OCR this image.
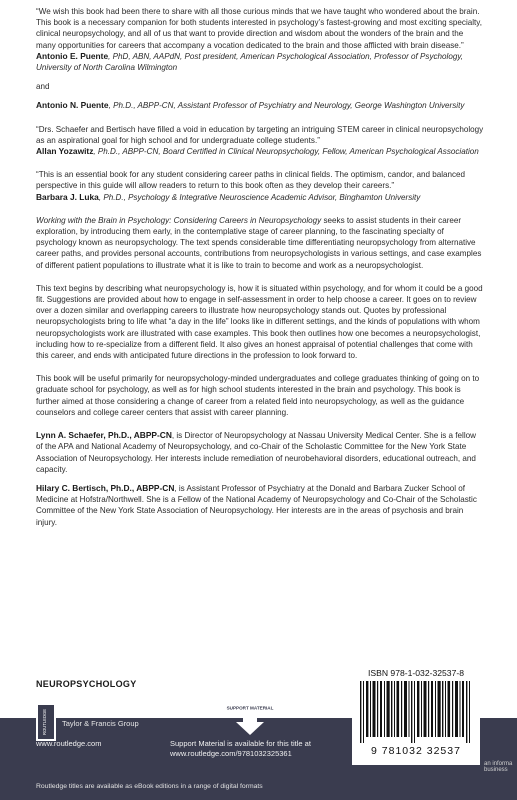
“We wish this book had been there to share with all those curious minds that we have taught who wondered about the brain. This book is a necessary companion for both students interested in psychology’s fastest-growing and most exciting specialty, clinical neuropsychology, and all of us that want to provide direction and wisdom about the wonders of the brain and the many opportunities for careers that accompany a vocation dedicated to the brain and those afflicted with brain disease.”
Antonio E. Puente, PhD, ABN, AAPdN, Post president, American Psychological Association, Professor of Psychology, University of North Carolina Wilmington
and
Antonio N. Puente, Ph.D., ABPP-CN, Assistant Professor of Psychiatry and Neurology, George Washington University
“Drs. Schaefer and Bertisch have filled a void in education by targeting an intriguing STEM career in clinical neuropsychology as an aspirational goal for high school and for undergraduate college students.”
Allan Yozawitz, Ph.D., ABPP-CN, Board Certified in Clinical Neuropsychology, Fellow, American Psychological Association
“This is an essential book for any student considering career paths in clinical fields. The optimism, candor, and balanced perspective in this guide will allow readers to return to this book often as they develop their careers.”
Barbara J. Luka, Ph.D., Psychology & Integrative Neuroscience Academic Advisor, Binghamton University
Working with the Brain in Psychology: Considering Careers in Neuropsychology seeks to assist students in their career exploration, by introducing them early, in the contemplative stage of career planning, to the fascinating specialty of psychology known as neuropsychology. The text spends considerable time differentiating neuropsychology from alternative career paths, and provides personal accounts, contributions from neuropsychologists in various settings, and case examples of different patient populations to illustrate what it is like to train to become and work as a neuropsychologist.
This text begins by describing what neuropsychology is, how it is situated within psychology, and for whom it could be a good fit. Suggestions are provided about how to engage in self-assessment in order to help choose a career. It goes on to review over a dozen similar and overlapping careers to illustrate how neuropsychology stands out. Quotes by professional neuropsychologists bring to life what “a day in the life” looks like in different settings, and the kinds of populations with whom neuropsychologists work are illustrated with case examples. This book then outlines how one becomes a neuropsychologist, including how to re-specialize from a different field. It also gives an honest appraisal of potential challenges that come with this career, and ends with anticipated future directions in the profession to look forward to.
This book will be useful primarily for neuropsychology-minded undergraduates and college graduates thinking of going on to graduate school for psychology, as well as for high school students interested in the brain and psychology. This book is further aimed at those considering a change of career from a related field into neuropsychology, as well as the guidance counselors and college career centers that assist with career planning.
Lynn A. Schaefer, Ph.D., ABPP-CN, is Director of Neuropsychology at Nassau University Medical Center. She is a fellow of the APA and National Academy of Neuropsychology, and co-Chair of the Scholastic Committee for the New York State Association of Neuropsychology. Her interests include remediation of neurobehavioral disorders, educational outreach, and capacity.
Hilary C. Bertisch, Ph.D., ABPP-CN, is Assistant Professor of Psychiatry at the Donald and Barbara Zucker School of Medicine at Hofstra/Northwell. She is a Fellow of the National Academy of Neuropsychology and Co-Chair of the Scholastic Committee of the New York State Association of Neuropsychology. Her interests are in the areas of psychosis and brain injury.
NEUROPSYCHOLOGY
ROUTLEDGE
Routledge
Taylor & Francis Group
www.routledge.com
SUPPORT MATERIAL
Support Material is available for this title at
www.routledge.com/9781032325361
ISBN 978-1-032-32537-8
9 781032 32537
an informa business
Routledge titles are available as eBook editions in a range of digital formats
